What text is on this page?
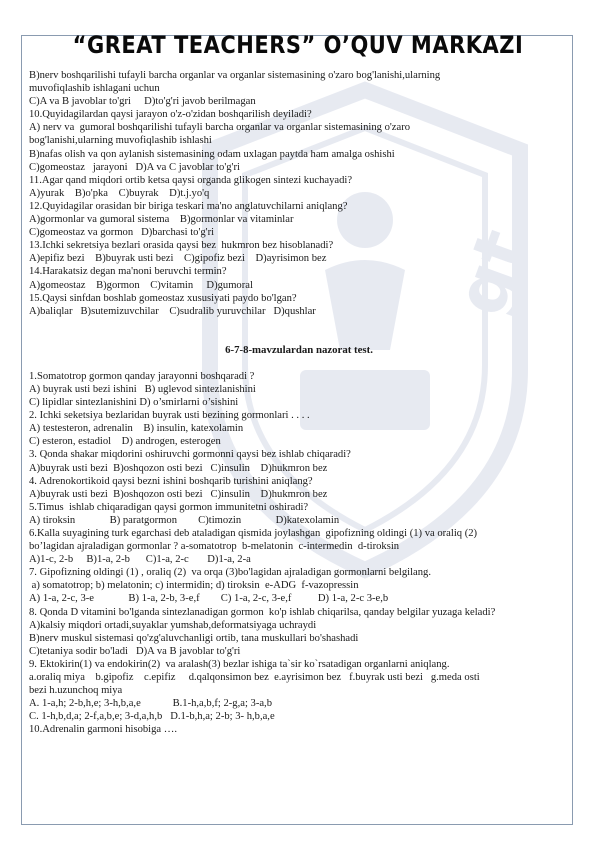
gt
“GREAT TEACHERS” O’QUV MARKAZI
B)nerv boshqarilishi tufayli barcha organlar va organlar sistemasining o'zaro bog'lanishi,ularning
muvofiqlashib ishlagani uchun
C)A va B javoblar to'gri     D)to'g'ri javob berilmagan
10.Quyidagilardan qaysi jarayon o'z-o'zidan boshqarilish deyiladi?
A) nerv va  gumoral boshqarilishi tufayli barcha organlar va organlar sistemasining o'zaro
bog'lanishi,ularning muvofiqlashib ishlashi
B)nafas olish va qon aylanish sistemasining odam uxlagan paytda ham amalga oshishi
C)gomeostaz   jarayoni   D)A va C javoblar to'g'ri
11.Agar qand miqdori ortib ketsa qaysi organda glikogen sintezi kuchayadi?
A)yurak    B)o'pka    C)buyrak    D)t.j.yo'q
12.Quyidagilar orasidan bir biriga teskari ma'no anglatuvchilarni aniqlang?
A)gormonlar va gumoral sistema    B)gormonlar va vitaminlar
C)gomeostaz va gormon   D)barchasi to'g'ri
13.Ichki sekretsiya bezlari orasida qaysi bez  hukmron bez hisoblanadi?
A)epifiz bezi    B)buyrak usti bezi    C)gipofiz bezi    D)ayrisimon bez
14.Harakatsiz degan ma'noni beruvchi termin?
A)gomeostaz    B)gormon    C)vitamin     D)gumoral
15.Qaysi sinfdan boshlab gomeostaz xususiyati paydo bo'lgan?
A)baliqlar   B)sutemizuvchilar    C)sudralib yuruvchilar   D)qushlar
6-7-8-mavzulardan nazorat test.
1.Somatotrop gormon qanday jarayonni boshqaradi ?
A) buyrak usti bezi ishini   B) uglevod sintezlanishini
C) lipidlar sintezlanishini D) o’smirlarni o’sishini
2. Ichki seketsiya bezlaridan buyrak usti bezining gormonlari . . . .
A) testesteron, adrenalin    B) insulin, katexolamin
C) esteron, estadiol    D) androgen, esterogen
3. Qonda shakar miqdorini oshiruvchi gormonni qaysi bez ishlab chiqaradi?
A)buyrak usti bezi  B)oshqozon osti bezi   C)insulin    D)hukmron bez
4. Adrenokortikoid qaysi bezni ishini boshqarib turishini aniqlang?
A)buyrak usti bezi  B)oshqozon osti bezi   C)insulin    D)hukmron bez
5.Timus  ishlab chiqaradigan qaysi gormon immunitetni oshiradi?
A) tiroksin             B) paratgormon        C)timozin             D)katexolamin
6.Kalla suyagining turk egarchasi deb ataladigan qismida joylashgan  gipofizning oldingi (1) va oraliq (2)
bo’lagidan ajraladigan gormonlar ? a-somatotrop  b-melatonin  c-intermedin  d-tiroksin
A)1-c, 2-b     B)1-a, 2-b      C)1-a, 2-c       D)1-a, 2-a
7. Gipofizning oldingi (1) , oraliq (2)  va orqa (3)bo'lagidan ajraladigan gormonlarni belgilang.
a) somatotrop; b) melatonin; c) intermidin; d) tiroksin  e-ADG  f-vazopressin
A) 1-a, 2-c, 3-e             B) 1-a, 2-b, 3-e,f        C) 1-a, 2-c, 3-e,f          D) 1-a, 2-c 3-e,b
8. Qonda D vitamini bo'lganda sintezlanadigan gormon  ko'p ishlab chiqarilsa, qanday belgilar yuzaga keladi?
A)kalsiy miqdori ortadi,suyaklar yumshab,deformatsiyaga uchraydi
B)nerv muskul sistemasi qo'zg'aluvchanligi ortib, tana muskullari bo'shashadi
C)tetaniya sodir bo'ladi   D)A va B javoblar to'g'ri
9. Ektokirin(1) va endokirin(2)  va aralash(3) bezlar ishiga ta`sir ko`rsatadigan organlarni aniqlang.
a.oraliq miya    b.gipofiz    c.epifiz     d.qalqonsimon bez  e.ayrisimon bez   f.buyrak usti bezi   g.meda osti
bezi h.uzunchoq miya
A. 1-a,h; 2-b,h,e; 3-h,b,a,e            B.1-h,a,b,f; 2-g,a; 3-a,b
C. 1-h,b,d,a; 2-f,a,b,e; 3-d,a,h,b   D.1-b,h,a; 2-b; 3- h,b,a,e
10.Adrenalin garmoni hisobiga ….
